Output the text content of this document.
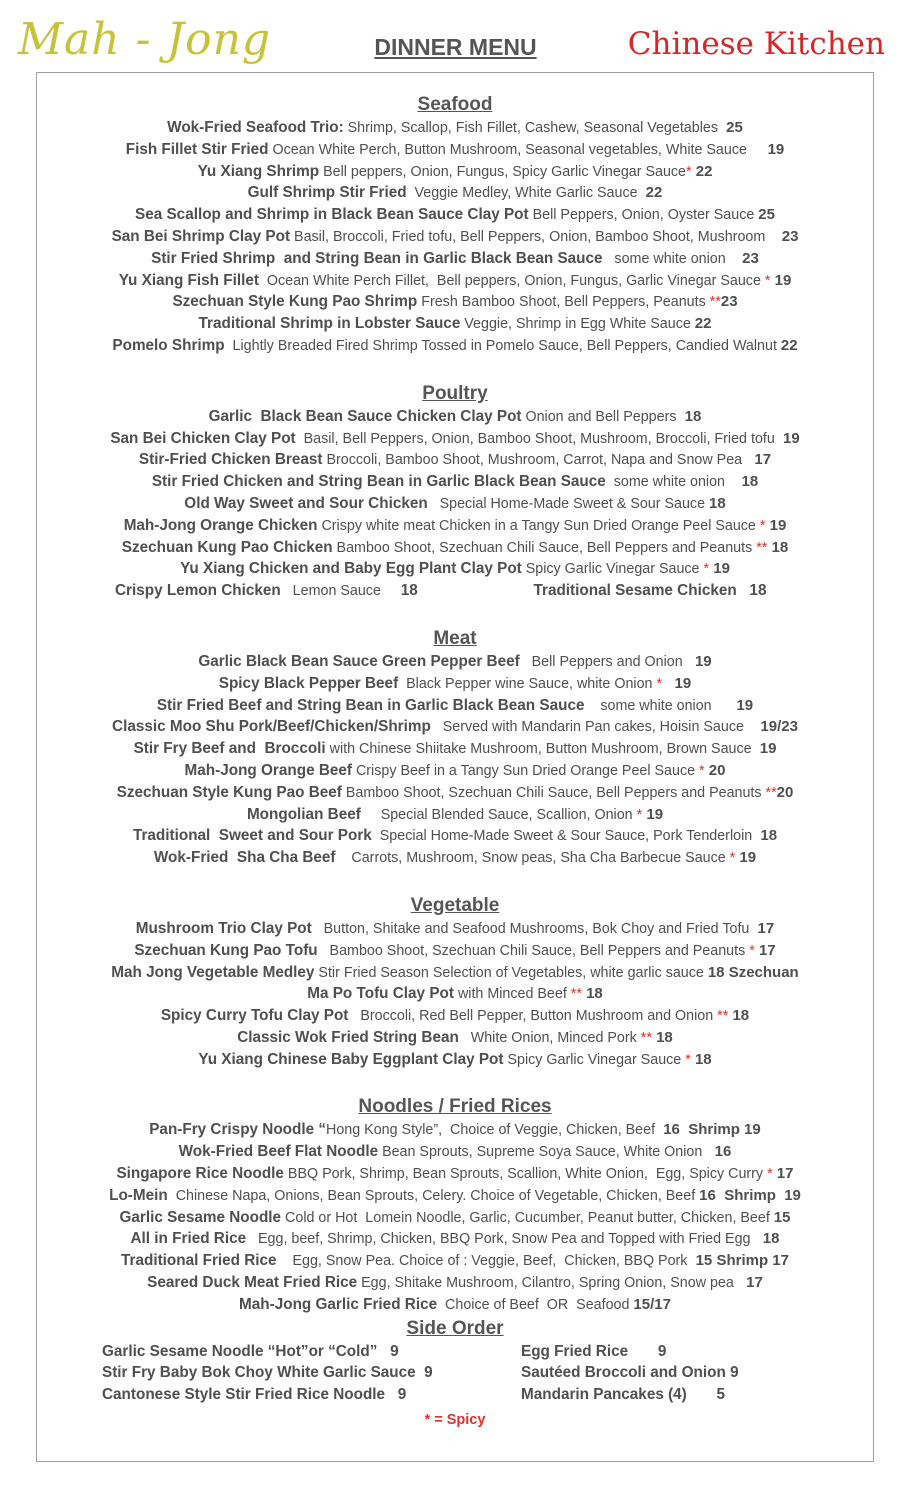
Mah - Jong	DINNER MENU	Chinese Kitchen
Seafood
Wok-Fried Seafood Trio: Shrimp, Scallop, Fish Fillet, Cashew, Seasonal Vegetables  25
Fish Fillet Stir Fried Ocean White Perch, Button Mushroom, Seasonal vegetables, White Sauce     19
Yu Xiang Shrimp Bell peppers, Onion, Fungus, Spicy Garlic Vinegar Sauce* 22
Gulf Shrimp Stir Fried  Veggie Medley, White Garlic Sauce  22
Sea Scallop and Shrimp in Black Bean Sauce Clay Pot Bell Peppers, Onion, Oyster Sauce 25
San Bei Shrimp Clay Pot Basil, Broccoli, Fried tofu, Bell Peppers, Onion, Bamboo Shoot, Mushroom    23
Stir Fried Shrimp  and String Bean in Garlic Black Bean Sauce   some white onion    23
Yu Xiang Fish Fillet  Ocean White Perch Fillet,  Bell peppers, Onion, Fungus, Garlic Vinegar Sauce * 19
Szechuan Style Kung Pao Shrimp Fresh Bamboo Shoot, Bell Peppers, Peanuts **23
Traditional Shrimp in Lobster Sauce Veggie, Shrimp in Egg White Sauce 22
Pomelo Shrimp  Lightly Breaded Fired Shrimp Tossed in Pomelo Sauce, Bell Peppers, Candied Walnut 22
Poultry
Garlic  Black Bean Sauce Chicken Clay Pot Onion and Bell Peppers  18
San Bei Chicken Clay Pot  Basil, Bell Peppers, Onion, Bamboo Shoot, Mushroom, Broccoli, Fried tofu  19
Stir-Fried Chicken Breast Broccoli, Bamboo Shoot, Mushroom, Carrot, Napa and Snow Pea   17
Stir Fried Chicken and String Bean in Garlic Black Bean Sauce  some white onion    18
Old Way Sweet and Sour Chicken   Special Home-Made Sweet & Sour Sauce 18
Mah-Jong Orange Chicken Crispy white meat Chicken in a Tangy Sun Dried Orange Peel Sauce * 19
Szechuan Kung Pao Chicken Bamboo Shoot, Szechuan Chili Sauce, Bell Peppers and Peanuts ** 18
Yu Xiang Chicken and Baby Egg Plant Clay Pot Spicy Garlic Vinegar Sauce * 19
Crispy Lemon Chicken   Lemon Sauce     18	Traditional Sesame Chicken   18
Meat
Garlic Black Bean Sauce Green Pepper Beef   Bell Peppers and Onion   19
Spicy Black Pepper Beef  Black Pepper wine Sauce, white Onion *   19
Stir Fried Beef and String Bean in Garlic Black Bean Sauce    some white onion      19
Classic Moo Shu Pork/Beef/Chicken/Shrimp   Served with Mandarin Pan cakes, Hoisin Sauce    19/23
Stir Fry Beef and  Broccoli with Chinese Shiitake Mushroom, Button Mushroom, Brown Sauce  19
Mah-Jong Orange Beef Crispy Beef in a Tangy Sun Dried Orange Peel Sauce * 20
Szechuan Style Kung Pao Beef Bamboo Shoot, Szechuan Chili Sauce, Bell Peppers and Peanuts **20
Mongolian Beef     Special Blended Sauce, Scallion, Onion * 19
Traditional  Sweet and Sour Pork  Special Home-Made Sweet & Sour Sauce, Pork Tenderloin  18
Wok-Fried  Sha Cha Beef    Carrots, Mushroom, Snow peas, Sha Cha Barbecue Sauce * 19
Vegetable
Mushroom Trio Clay Pot   Button, Shitake and Seafood Mushrooms, Bok Choy and Fried Tofu  17
Szechuan Kung Pao Tofu   Bamboo Shoot, Szechuan Chili Sauce, Bell Peppers and Peanuts * 17
Mah Jong Vegetable Medley Stir Fried Season Selection of Vegetables, white garlic sauce 18 Szechuan
Ma Po Tofu Clay Pot with Minced Beef ** 18
Spicy Curry Tofu Clay Pot   Broccoli, Red Bell Pepper, Button Mushroom and Onion ** 18
Classic Wok Fried String Bean   White Onion, Minced Pork ** 18
Yu Xiang Chinese Baby Eggplant Clay Pot Spicy Garlic Vinegar Sauce * 18
Noodles / Fried Rices
Pan-Fry Crispy Noodle “Hong Kong Style”,  Choice of Veggie, Chicken, Beef  16  Shrimp 19
Wok-Fried Beef Flat Noodle Bean Sprouts, Supreme Soya Sauce, White Onion   16
Singapore Rice Noodle BBQ Pork, Shrimp, Bean Sprouts, Scallion, White Onion,  Egg, Spicy Curry * 17
Lo-Mein  Chinese Napa, Onions, Bean Sprouts, Celery. Choice of Vegetable, Chicken, Beef 16  Shrimp  19
Garlic Sesame Noodle Cold or Hot  Lomein Noodle, Garlic, Cucumber, Peanut butter, Chicken, Beef 15
All in Fried Rice   Egg, beef, Shrimp, Chicken, BBQ Pork, Snow Pea and Topped with Fried Egg   18
Traditional Fried Rice    Egg, Snow Pea. Choice of : Veggie, Beef,  Chicken, BBQ Pork  15 Shrimp 17
Seared Duck Meat Fried Rice Egg, Shitake Mushroom, Cilantro, Spring Onion, Snow pea   17
Mah-Jong Garlic Fried Rice  Choice of Beef  OR  Seafood 15/17
Side Order
Garlic Sesame Noodle “Hot”or “Cold”   9	Egg Fried Rice       9
Stir Fry Baby Bok Choy White Garlic Sauce  9	Sautéed Broccoli and Onion 9
Cantonese Style Stir Fried Rice Noodle   9	Mandarin Pancakes (4)       5
* = Spicy
